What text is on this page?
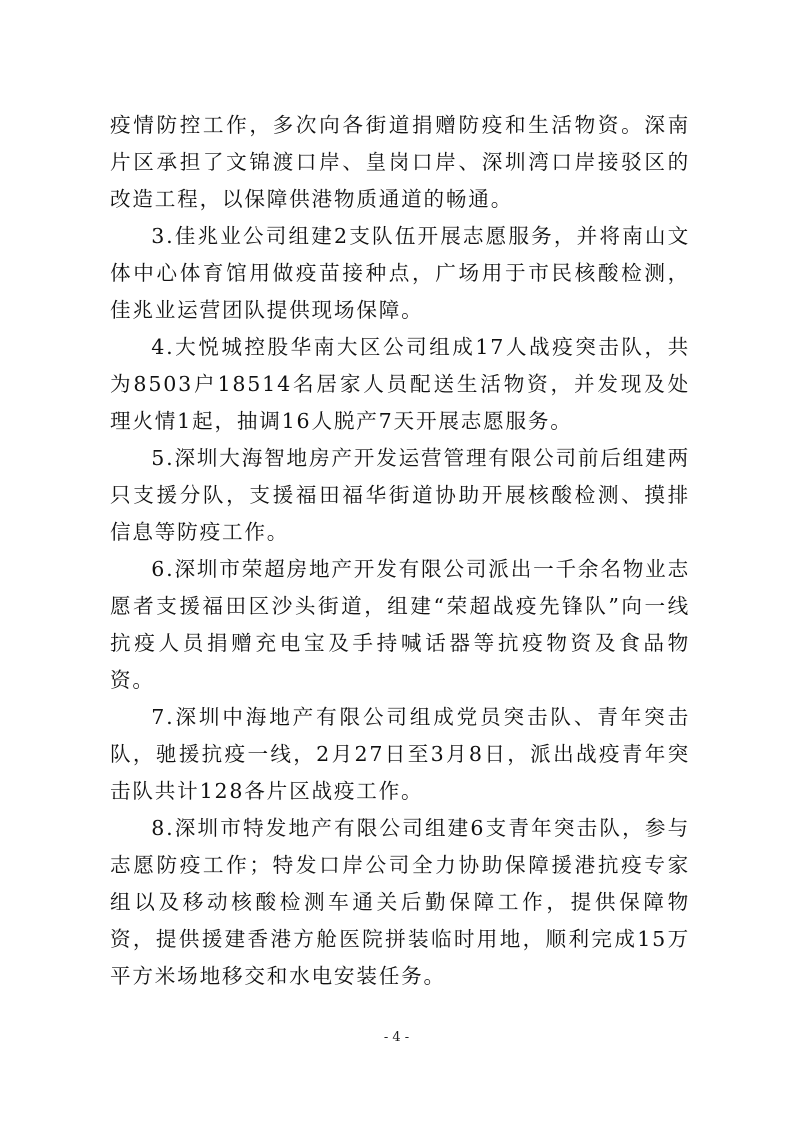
疫情防控工作，多次向各街道捐赠防疫和生活物资。深南片区承担了文锦渡口岸、皇岗口岸、深圳湾口岸接驳区的改造工程，以保障供港物质通道的畅通。

3.佳兆业公司组建2支队伍开展志愿服务，并将南山文体中心体育馆用做疫苗接种点，广场用于市民核酸检测，佳兆业运营团队提供现场保障。

4.大悦城控股华南大区公司组成17人战疫突击队，共为8503户18514名居家人员配送生活物资，并发现及处理火情1起，抽调16人脱产7天开展志愿服务。

5.深圳大海智地房产开发运营管理有限公司前后组建两只支援分队，支援福田福华街道协助开展核酸检测、摸排信息等防疫工作。

6.深圳市荣超房地产开发有限公司派出一千余名物业志愿者支援福田区沙头街道，组建“荣超战疫先锋队”向一线抗疫人员捐赠充电宝及手持喊话器等抗疫物资及食品物资。

7.深圳中海地产有限公司组成党员突击队、青年突击队，驰援抗疫一线，2月27日至3月8日，派出战疫青年突击队共计128各片区战疫工作。

8.深圳市特发地产有限公司组建6支青年突击队，参与志愿防疫工作；特发口岸公司全力协助保障援港抗疫专家组以及移动核酸检测车通关后勤保障工作，提供保障物资，提供援建香港方舱医院拼装临时用地，顺利完成15万平方米场地移交和水电安装任务。

- 4 -
